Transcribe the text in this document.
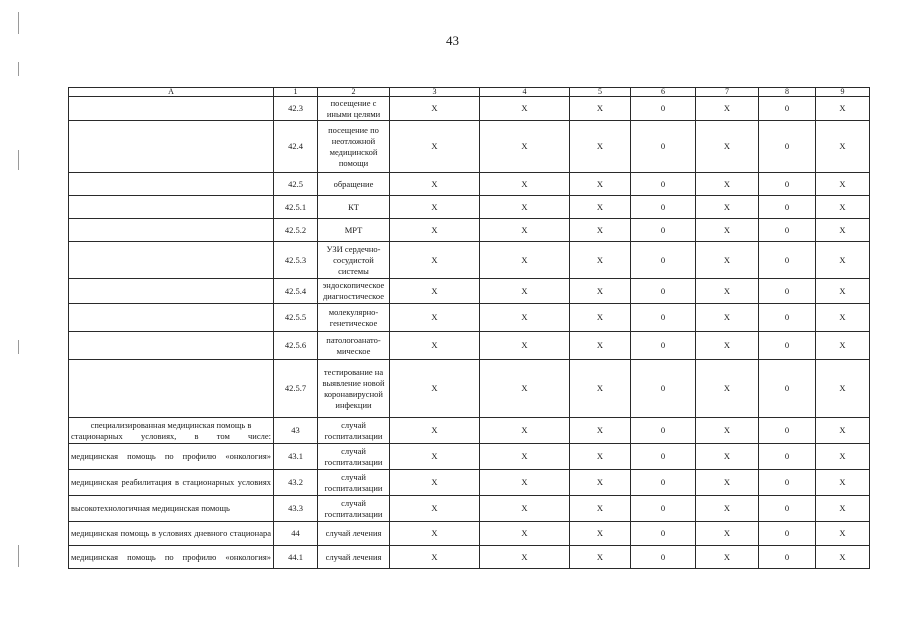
43
А	1	2	3	4	5	6	7	8	9
	42.3	посещение с иными целями	Х	Х	Х	0	Х	0	Х
	42.4	посещение по неотложной медицинской помощи	Х	Х	Х	0	Х	0	Х
	42.5	обращение	Х	Х	Х	0	Х	0	Х
	42.5.1	КТ	Х	Х	Х	0	Х	0	Х
	42.5.2	МРТ	Х	Х	Х	0	Х	0	Х
	42.5.3	УЗИ сердечно-сосудистой системы	Х	Х	Х	0	Х	0	Х
	42.5.4	эндоскопическое диагностическое	Х	Х	Х	0	Х	0	Х
	42.5.5	молекулярно-генетическое	Х	Х	Х	0	Х	0	Х
	42.5.6	патологоанато-мическое	Х	Х	Х	0	Х	0	Х
	42.5.7	тестирование на выявление новой коронавирусной инфекции	Х	Х	Х	0	Х	0	Х
специализированная медицинская помощь в стационарных условиях, в том числе:	43	случай госпитализации	Х	Х	Х	0	Х	0	Х
медицинская помощь по профилю «онкология»	43.1	случай госпитализации	Х	Х	Х	0	Х	0	Х
медицинская реабилитация в стационарных условиях	43.2	случай госпитализации	Х	Х	Х	0	Х	0	Х
высокотехнологичная медицинская помощь	43.3	случай госпитализации	Х	Х	Х	0	Х	0	Х
медицинская помощь в условиях дневного стационара	44	случай лечения	Х	Х	Х	0	Х	0	Х
медицинская помощь по профилю «онкология»	44.1	случай лечения	Х	Х	Х	0	Х	0	Х
